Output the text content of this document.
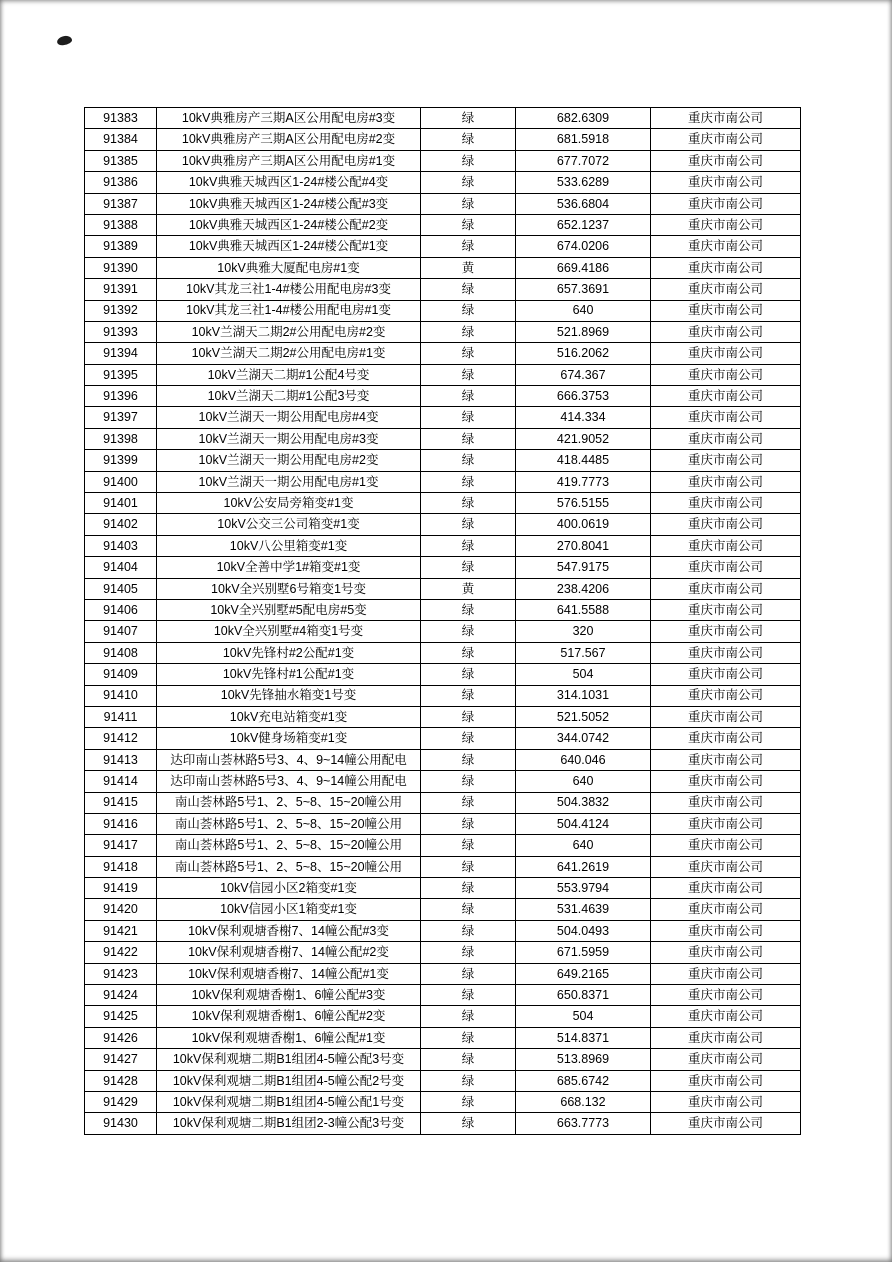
91383	10kV典雅房产三期A区公用配电房#3变	绿	682.6309	重庆市南公司
91384	10kV典雅房产三期A区公用配电房#2变	绿	681.5918	重庆市南公司
91385	10kV典雅房产三期A区公用配电房#1变	绿	677.7072	重庆市南公司
91386	10kV典雅天城西区1-24#楼公配#4变	绿	533.6289	重庆市南公司
91387	10kV典雅天城西区1-24#楼公配#3变	绿	536.6804	重庆市南公司
91388	10kV典雅天城西区1-24#楼公配#2变	绿	652.1237	重庆市南公司
91389	10kV典雅天城西区1-24#楼公配#1变	绿	674.0206	重庆市南公司
91390	10kV典雅大厦配电房#1变	黄	669.4186	重庆市南公司
91391	10kV其龙三社1-4#楼公用配电房#3变	绿	657.3691	重庆市南公司
91392	10kV其龙三社1-4#楼公用配电房#1变	绿	640	重庆市南公司
91393	10kV兰湖天二期2#公用配电房#2变	绿	521.8969	重庆市南公司
91394	10kV兰湖天二期2#公用配电房#1变	绿	516.2062	重庆市南公司
91395	10kV兰湖天二期#1公配4号变	绿	674.367	重庆市南公司
91396	10kV兰湖天二期#1公配3号变	绿	666.3753	重庆市南公司
91397	10kV兰湖天一期公用配电房#4变	绿	414.334	重庆市南公司
91398	10kV兰湖天一期公用配电房#3变	绿	421.9052	重庆市南公司
91399	10kV兰湖天一期公用配电房#2变	绿	418.4485	重庆市南公司
91400	10kV兰湖天一期公用配电房#1变	绿	419.7773	重庆市南公司
91401	10kV公安局旁箱变#1变	绿	576.5155	重庆市南公司
91402	10kV公交三公司箱变#1变	绿	400.0619	重庆市南公司
91403	10kV八公里箱变#1变	绿	270.8041	重庆市南公司
91404	10kV全善中学1#箱变#1变	绿	547.9175	重庆市南公司
91405	10kV全兴别墅6号箱变1号变	黄	238.4206	重庆市南公司
91406	10kV全兴别墅#5配电房#5变	绿	641.5588	重庆市南公司
91407	10kV全兴别墅#4箱变1号变	绿	320	重庆市南公司
91408	10kV先锋村#2公配#1变	绿	517.567	重庆市南公司
91409	10kV先锋村#1公配#1变	绿	504	重庆市南公司
91410	10kV先锋抽水箱变1号变	绿	314.1031	重庆市南公司
91411	10kV充电站箱变#1变	绿	521.5052	重庆市南公司
91412	10kV健身场箱变#1变	绿	344.0742	重庆市南公司
91413	达印南山荟林路5号3、4、9~14幢公用配电	绿	640.046	重庆市南公司
91414	达印南山荟林路5号3、4、9~14幢公用配电	绿	640	重庆市南公司
91415	南山荟林路5号1、2、5~8、15~20幢公用	绿	504.3832	重庆市南公司
91416	南山荟林路5号1、2、5~8、15~20幢公用	绿	504.4124	重庆市南公司
91417	南山荟林路5号1、2、5~8、15~20幢公用	绿	640	重庆市南公司
91418	南山荟林路5号1、2、5~8、15~20幢公用	绿	641.2619	重庆市南公司
91419	10kV信园小区2箱变#1变	绿	553.9794	重庆市南公司
91420	10kV信园小区1箱变#1变	绿	531.4639	重庆市南公司
91421	10kV保利观塘香榭7、14幢公配#3变	绿	504.0493	重庆市南公司
91422	10kV保利观塘香榭7、14幢公配#2变	绿	671.5959	重庆市南公司
91423	10kV保利观塘香榭7、14幢公配#1变	绿	649.2165	重庆市南公司
91424	10kV保利观塘香榭1、6幢公配#3变	绿	650.8371	重庆市南公司
91425	10kV保利观塘香榭1、6幢公配#2变	绿	504	重庆市南公司
91426	10kV保利观塘香榭1、6幢公配#1变	绿	514.8371	重庆市南公司
91427	10kV保利观塘二期B1组团4-5幢公配3号变	绿	513.8969	重庆市南公司
91428	10kV保利观塘二期B1组团4-5幢公配2号变	绿	685.6742	重庆市南公司
91429	10kV保利观塘二期B1组团4-5幢公配1号变	绿	668.132	重庆市南公司
91430	10kV保利观塘二期B1组团2-3幢公配3号变	绿	663.7773	重庆市南公司
